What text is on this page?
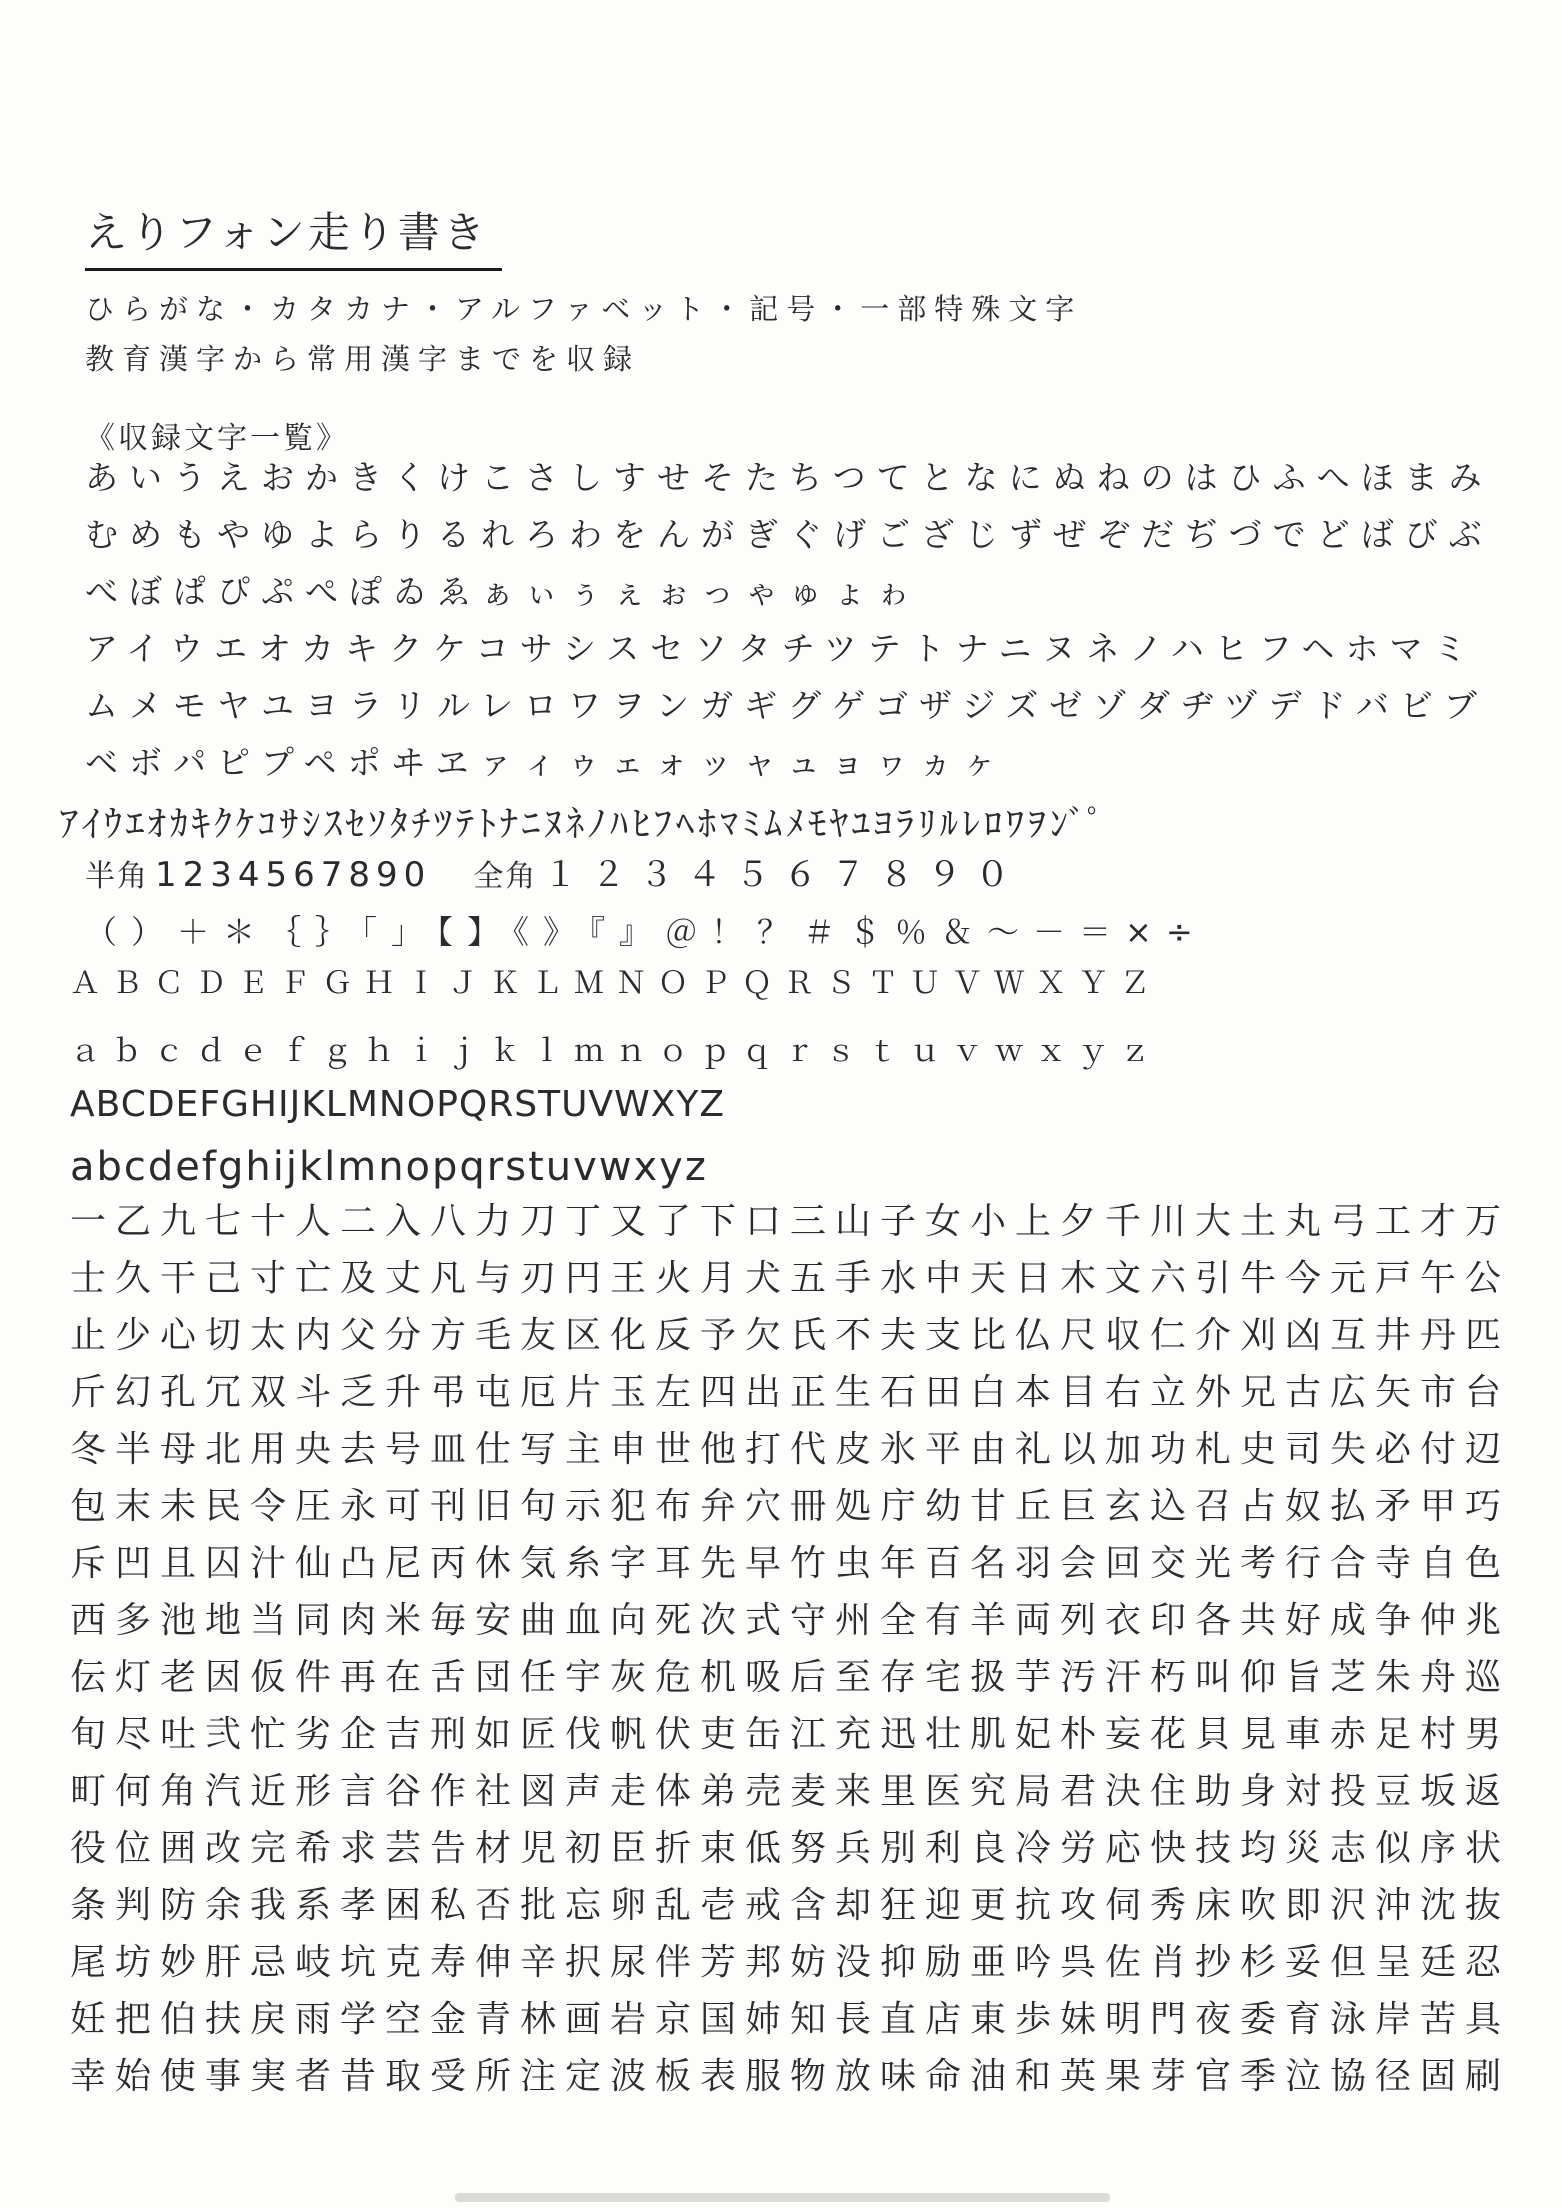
えりフォン走り書き
ひらがな・カタカナ・アルファベット・記号・一部特殊文字
教育漢字から常用漢字までを収録
《収録文字一覧》
あいうえおかきくけこさしすせそたちつてとなにぬねのはひふへほまみ
むめもやゆよらりるれろわをんがぎぐげござじずぜぞだぢづでどばびぶ
べぼぱぴぷぺぽゐゑぁぃぅぇぉっゃゅょゎ
アイウエオカキクケコサシスセソタチツテトナニヌネノハヒフヘホマミ
ムメモヤユヨラリルレロワヲンガギグゲゴザジズゼゾダヂヅデドバビブ
ベボパピプペポヰヱァィゥェォッャュョヮヵヶ
ｱｲｳｴｵｶｷｸｹｺｻｼｽｾｿﾀﾁﾂﾃﾄﾅﾆﾇﾈﾉﾊﾋﾌﾍﾎﾏﾐﾑﾒﾓﾔﾕﾖﾗﾘﾙﾚﾛﾜｦﾝﾞﾟ
半角 1234567890 全角 １２３４５６７８９０
（）＋＊｛｝「」【】《》『』＠！？＃＄％＆～－＝×÷
ＡＢＣＤＥＦＧＨＩＪＫＬＭＮＯＰＱＲＳＴＵＶＷＸＹＺ
ａｂｃｄｅｆｇｈｉｊｋｌｍｎｏｐｑｒｓｔｕｖｗｘｙｚ
ABCDEFGHIJKLMNOPQRSTUVWXYZ
abcdefghijklmnopqrstuvwxyz
一乙九七十人二入八力刀丁又了下口三山子女小上夕千川大土丸弓工才万
士久干己寸亡及丈凡与刃円王火月犬五手水中天日木文六引牛今元戸午公
止少心切太内父分方毛友区化反予欠氏不夫支比仏尺収仁介刈凶互井丹匹
斤幻孔冗双斗乏升弔屯厄片玉左四出正生石田白本目右立外兄古広矢市台
冬半母北用央去号皿仕写主申世他打代皮氷平由礼以加功札史司失必付辺
包末未民令圧永可刊旧句示犯布弁穴冊処庁幼甘丘巨玄込召占奴払矛甲巧
斥凹且囚汁仙凸尼丙休気糸字耳先早竹虫年百名羽会回交光考行合寺自色
西多池地当同肉米毎安曲血向死次式守州全有羊両列衣印各共好成争仲兆
伝灯老因仮件再在舌団任宇灰危机吸后至存宅扱芋汚汗朽叫仰旨芝朱舟巡
旬尽吐弐忙劣企吉刑如匠伐帆伏吏缶江充迅壮肌妃朴妄花貝見車赤足村男
町何角汽近形言谷作社図声走体弟売麦来里医究局君決住助身対投豆坂返
役位囲改完希求芸告材児初臣折束低努兵別利良冷労応快技均災志似序状
条判防余我系孝困私否批忘卵乱壱戒含却狂迎更抗攻伺秀床吹即沢沖沈抜
尾坊妙肝忌岐坑克寿伸辛択尿伴芳邦妨没抑励亜吟呉佐肖抄杉妥但呈廷忍
妊把伯扶戻雨学空金青林画岩京国姉知長直店東歩妹明門夜委育泳岸苦具
幸始使事実者昔取受所注定波板表服物放味命油和英果芽官季泣協径固刷
